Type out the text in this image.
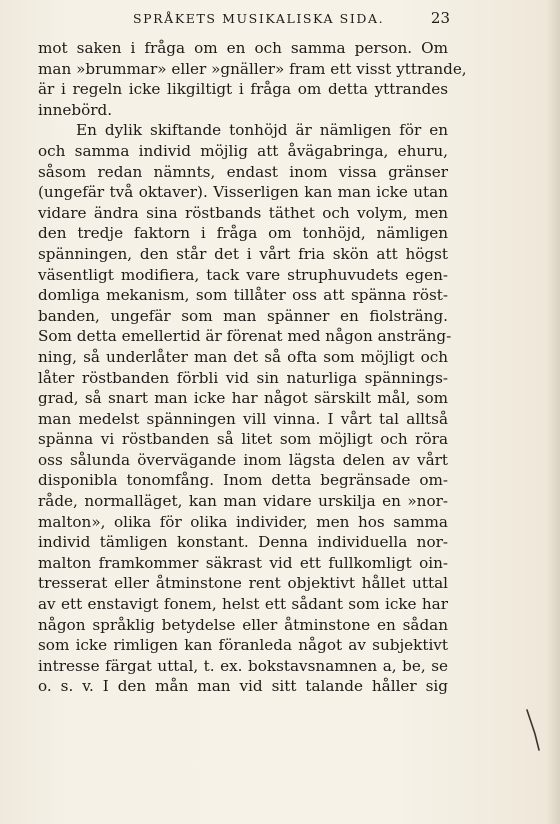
SPRÅKETS MUSIKALISKA SIDA.	23
mot saken i fråga om en och samma person. Om
man »brummar» eller »gnäller» fram ett visst yttrande,
är i regeln icke likgiltigt i fråga om detta yttrandes
innebörd.
En dylik skiftande tonhöjd är nämligen för en
och samma individ möjlig att åvägabringa, ehuru,
såsom redan nämnts, endast inom vissa gränser
(ungefär två oktaver). Visserligen kan man icke utan
vidare ändra sina röstbands täthet och volym, men
den tredje faktorn i fråga om tonhöjd, nämligen
spänningen, den står det i vårt fria skön att högst
väsentligt modifiera, tack vare struphuvudets egen-
domliga mekanism, som tillåter oss att spänna röst-
banden, ungefär som man spänner en fiolsträng.
Som detta emellertid är förenat med någon ansträng-
ning, så underlåter man det så ofta som möjligt och
låter röstbanden förbli vid sin naturliga spännings-
grad, så snart man icke har något särskilt mål, som
man medelst spänningen vill vinna. I vårt tal alltså
spänna vi röstbanden så litet som möjligt och röra
oss sålunda övervägande inom lägsta delen av vårt
disponibla tonomfång. Inom detta begränsade om-
råde, normalläget, kan man vidare urskilja en »nor-
malton», olika för olika individer, men hos samma
individ tämligen konstant. Denna individuella nor-
malton framkommer säkrast vid ett fullkomligt oin-
tresserat eller åtminstone rent objektivt hållet uttal
av ett enstavigt fonem, helst ett sådant som icke har
någon språklig betydelse eller åtminstone en sådan
som icke rimligen kan föranleda något av subjektivt
intresse färgat uttal, t. ex. bokstavsnamnen a, be, se
o. s. v. I den mån man vid sitt talande håller sig
